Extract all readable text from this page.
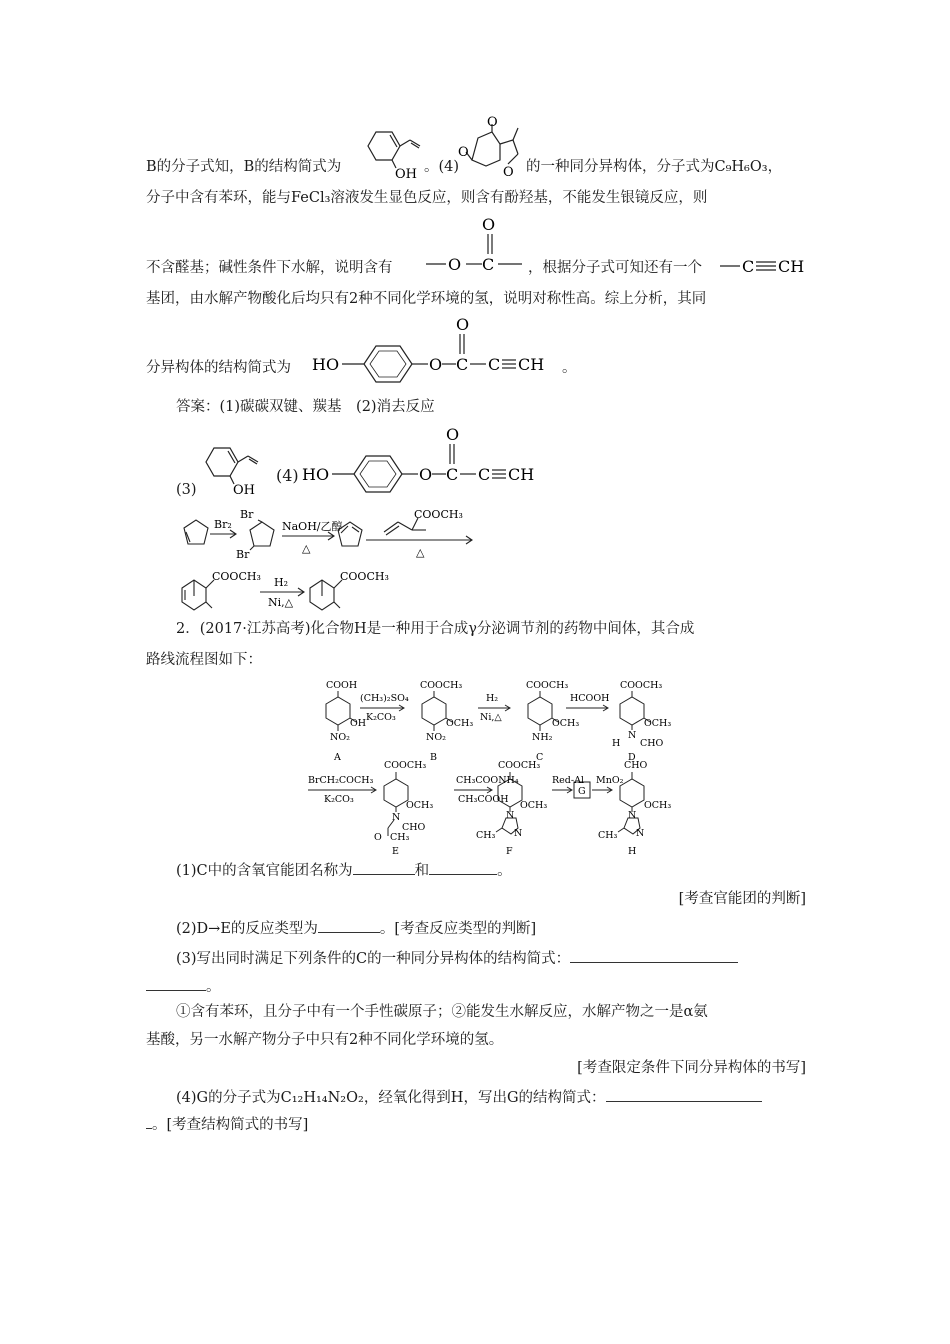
B的分子式知，B的结构简式为	。(4)	的一种同分异构体，分子式为C₉H₆O₃，
OH
O
O
O
分子中含有苯环，能与FeCl₃溶液发生显色反应，则含有酚羟基，不能发生银镜反应，则
不含醛基；碱性条件下水解，说明含有	O C
O
，根据分子式可知还有一个	C CH
基团，由水解产物酸化后均只有2种不同化学环境的氢，说明对称性高。综上分析，其同
分异构体的结构简式为	HO	O C
O
C CH 。
答案：(1)碳碳双键、羰基　(2)消去反应
(3)	OH
(4) HO	O C
O
C CH
Br₂
Br
Br
NaOH/乙醇
△
COOCH₃
△
COOCH₃ H₂
Ni,△
COOCH₃
2．(2017·江苏高考)化合物H是一种用于合成γ分泌调节剂的药物中间体，其合成
路线流程图如下：
COOH
OH
NO₂
A
(CH₃)₂SO₄
K₂CO₃
COOCH₃
OCH₃
NO₂
B
H₂
Ni,△
COOCH₃
OCH₃
NH₂
C
HCOOH
COOCH₃
OCH₃
N
H CHO
D
BrCH₂COCH₃
K₂CO₃
COOCH₃
OCH₃
N
CHO
O CH₃
E
CH₃COONH₄
CH₃COOH
COOCH₃
OCH₃
N
N
CH₃
F
Red-Al
G
MnO₂
CHO
OCH₃
N
N
CH₃
H
(1)C中的含氧官能团名称为	和	。
[考查官能团的判断]
(2)D→E的反应类型为	。[考查反应类型的判断]
(3)写出同时满足下列条件的C的一种同分异构体的结构简式：
。
①含有苯环，且分子中有一个手性碳原子；②能发生水解反应，水解产物之一是α氨
基酸，另一水解产物分子中只有2种不同化学环境的氢。
[考查限定条件下同分异构体的书写]
(4)G的分子式为C₁₂H₁₄N₂O₂，经氧化得到H，写出G的结构简式：
。[考查结构简式的书写]
